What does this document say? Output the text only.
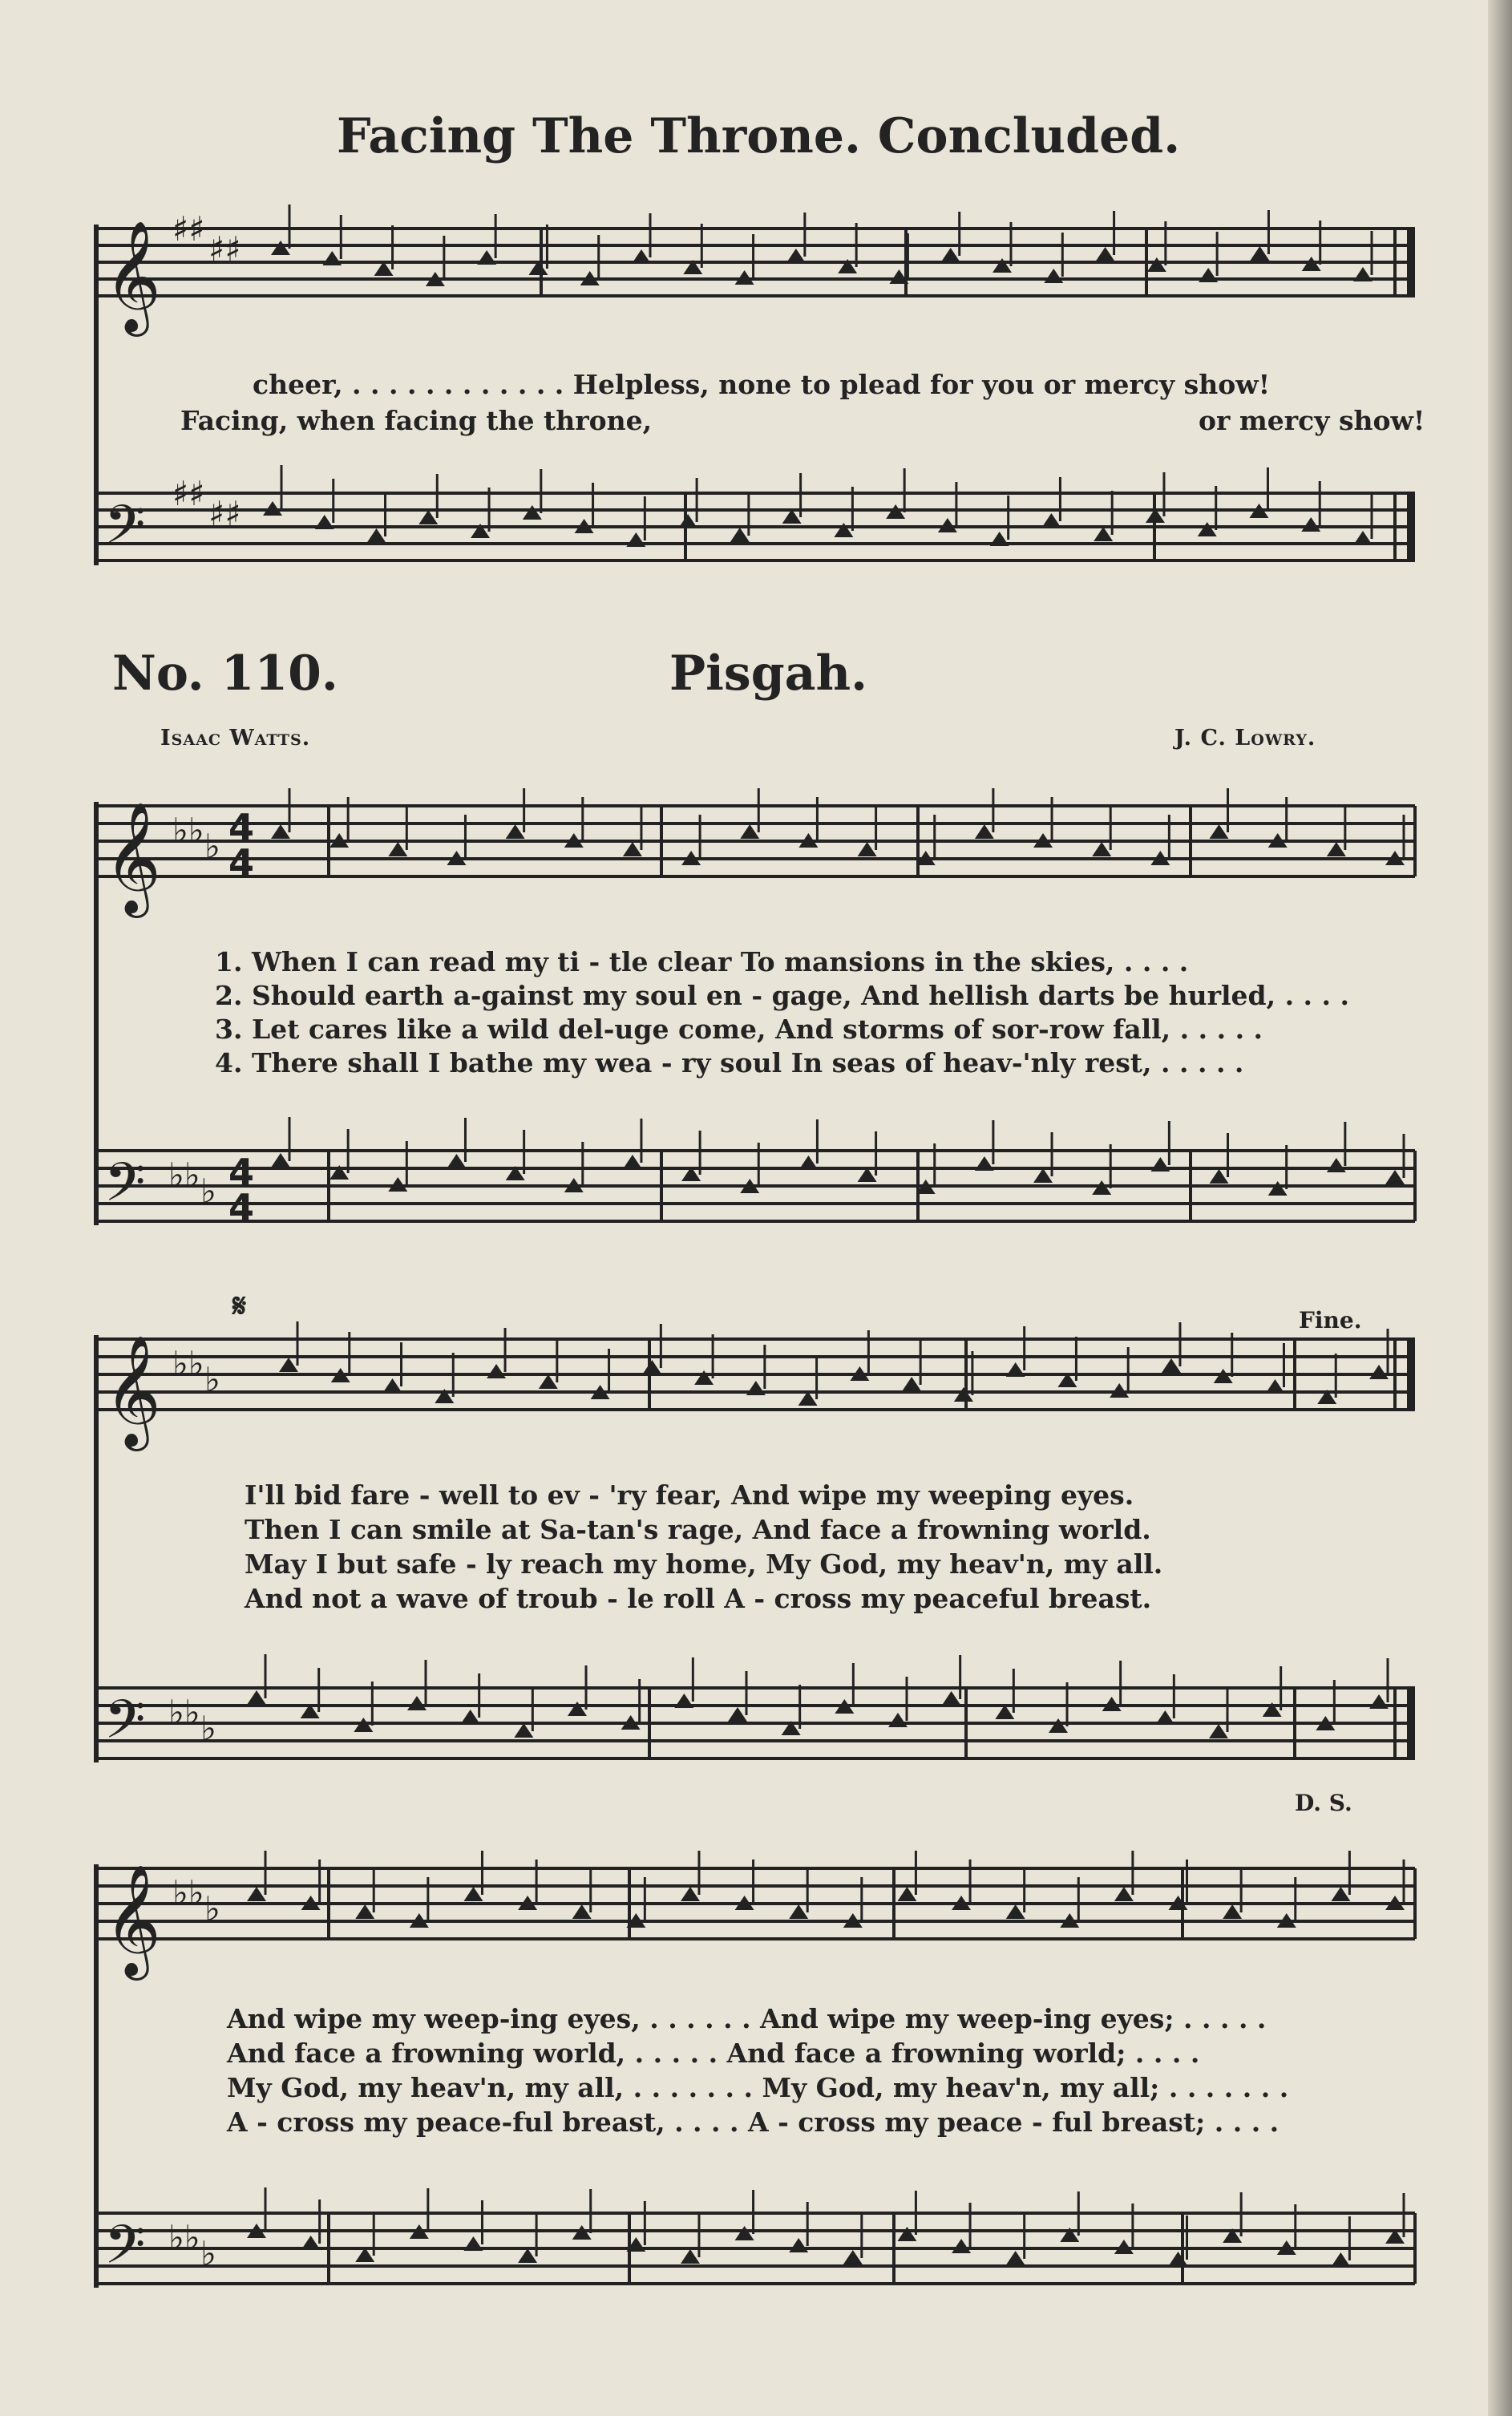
Facing The Throne. Concluded.
𝄞
𝄢
𝄞
𝄢
𝄞
𝄢
𝄞
𝄢
♯♯
♯♯
♯♯
♯♯
♭♭ ♭
♭♭ ♭
♭♭ ♭
♭♭ ♭
♭♭ ♭
♭♭ ♭
4
4
4
4
cheer, . . . . . . . . . . . . Helpless, none to plead for you or mercy show!
Facing, when facing the throne,	or mercy show!
No. 110.	Pisgah.
Isaac Watts.	J. C. Lowry.
1. When I can read my ti - tle clear To mansions in the skies, . . . .
2. Should earth a-gainst my soul en - gage, And hellish darts be hurled, . . . .
3. Let cares like a wild del-uge come, And storms of sor-row fall, . . . . .
4. There shall I bathe my wea - ry soul In seas of heav-'nly rest, . . . . .
𝄋	Fine.
I'll bid fare - well to ev - 'ry fear, And wipe my weeping eyes.
Then I can smile at Sa-tan's rage, And face a frowning world.
May I but safe - ly reach my home, My God, my heav'n, my all.
And not a wave of troub - le roll A - cross my peaceful breast.
D. S.
And wipe my weep-ing eyes, . . . . . . And wipe my weep-ing eyes; . . . . .
And face a frowning world, . . . . . And face a frowning world; . . . .
My God, my heav'n, my all, . . . . . . . My God, my heav'n, my all; . . . . . . .
A - cross my peace-ful breast, . . . . A - cross my peace - ful breast; . . . .
